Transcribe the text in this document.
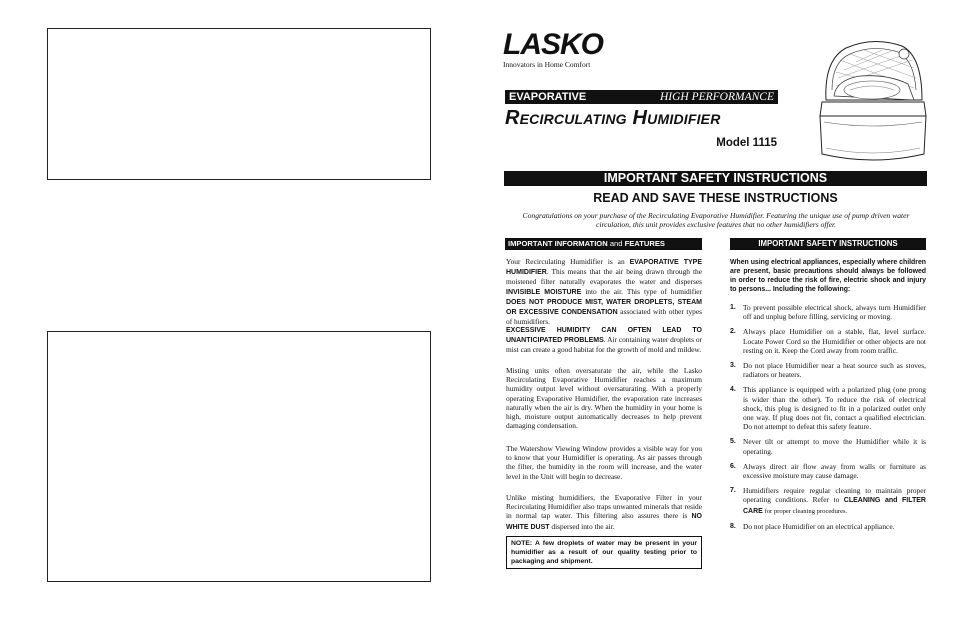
LASKO
Innovators in Home Comfort
EVAPORATIVE	HIGH PERFORMANCE
Recirculating Humidifier
Model 1115
IMPORTANT SAFETY INSTRUCTIONS
READ AND SAVE THESE INSTRUCTIONS
Congratulations on your purchase of the Recirculating Evaporative Humidifier. Featuring the unique use of pump driven water circulation, this unit provides exclusive features that no other humidifiers offer.
IMPORTANT INFORMATION and FEATURES
Your Recirculating Humidifier is an EVAPORATIVE TYPE HUMIDIFIER. This means that the air being drawn through the moistened filter naturally evaporates the water and disperses INVISIBLE MOISTURE into the air. This type of humidifier DOES NOT PRODUCE MIST, WATER DROPLETS, STEAM OR EXCESSIVE CONDENSATION associated with other types of humidifiers.
EXCESSIVE HUMIDITY CAN OFTEN LEAD TO UNANTICIPATED PROBLEMS. Air containing water droplets or mist can create a good habitat for the growth of mold and mildew.
Misting units often oversaturate the air, while the Lasko Recirculating Evaporative Humidifier reaches a maximum humidity output level without oversaturating. With a properly operating Evaporative Humidifier, the evaporation rate increases naturally when the air is dry. When the humidity in your home is high, moisture output automatically decreases to help prevent damaging condensation.
The Watershow Viewing Window provides a visible way for you to know that your Humidifier is operating. As air passes through the filter, the humidity in the room will increase, and the water level in the Unit will begin to decrease.
Unlike misting humidifiers, the Evaporative Filter in your Recirculating Humidifier also traps unwanted minerals that reside in normal tap water. This filtering also assures there is NO WHITE DUST dispersed into the air.
NOTE: A few droplets of water may be present in your humidifier as a result of our quality testing prior to packaging and shipment.
IMPORTANT SAFETY INSTRUCTIONS
When using electrical appliances, especially where children are present, basic precautions should always be followed in order to reduce the risk of fire, electric shock and injury to persons... Including the following:
1. To prevent possible electrical shock, always turn Humidifier off and unplug before filling, servicing or moving.
2. Always place Humidifier on a stable, flat, level surface. Locate Power Cord so the Humidifier or other objects are not resting on it. Keep the Cord away from room traffic.
3. Do not place Humidifier near a heat source such as stoves, radiators or heaters.
4. This appliance is equipped with a polarized plug (one prong is wider than the other). To reduce the risk of electrical shock, this plug is designed to fit in a polarized outlet only one way. If plug does not fit, contact a qualified electrician. Do not attempt to defeat this safety feature.
5. Never tilt or attempt to move the Humidifier while it is operating.
6. Always direct air flow away from walls or furniture as excessive moisture may cause damage.
7. Humidifiers require regular cleaning to maintain proper operating conditions. Refer to CLEANING and FILTER CARE for proper cleaning procedures.
8. Do not place Humidifier on an electrical appliance.
